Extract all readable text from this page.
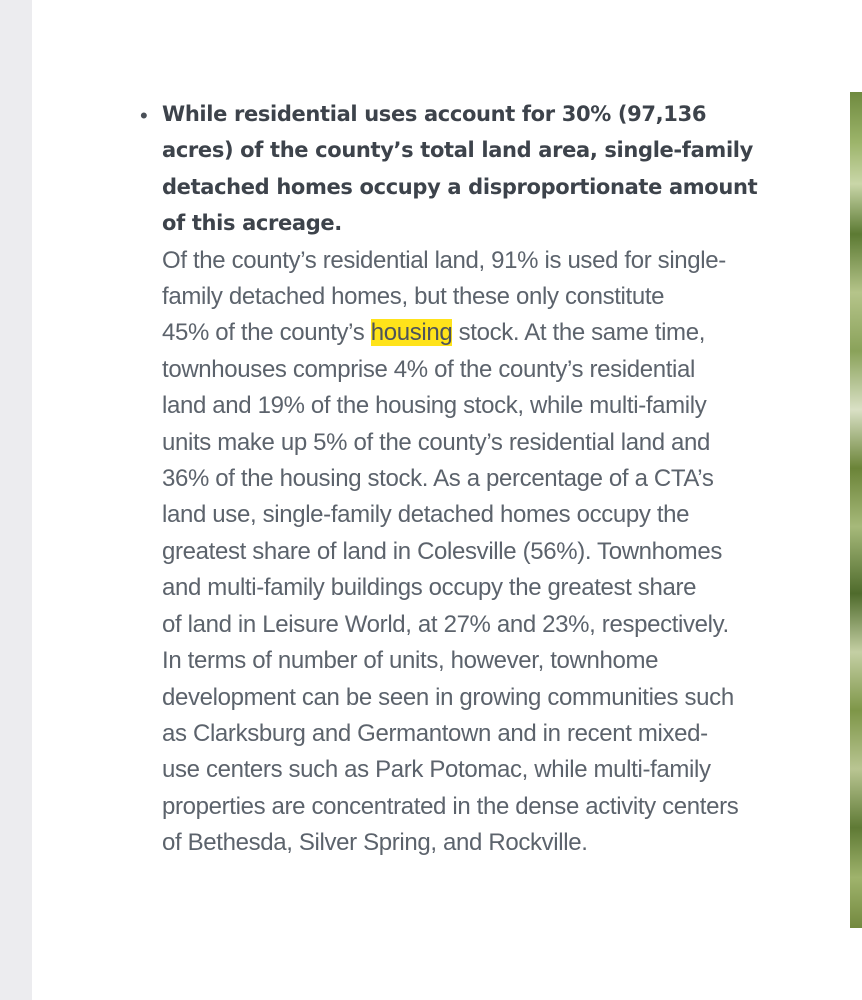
• While residential uses account for 30% (97,136
acres) of the county’s total land area, single-family
detached homes occupy a disproportionate amount
of this acreage.
Of the county’s residential land, 91% is used for single-
family detached homes, but these only constitute
45% of the county’s housing stock. At the same time,
townhouses comprise 4% of the county’s residential
land and 19% of the housing stock, while multi-family
units make up 5% of the county’s residential land and
36% of the housing stock. As a percentage of a CTA’s
land use, single-family detached homes occupy the
greatest share of land in Colesville (56%). Townhomes
and multi-family buildings occupy the greatest share
of land in Leisure World, at 27% and 23%, respectively.
In terms of number of units, however, townhome
development can be seen in growing communities such
as Clarksburg and Germantown and in recent mixed-
use centers such as Park Potomac, while multi-family
properties are concentrated in the dense activity centers
of Bethesda, Silver Spring, and Rockville.
